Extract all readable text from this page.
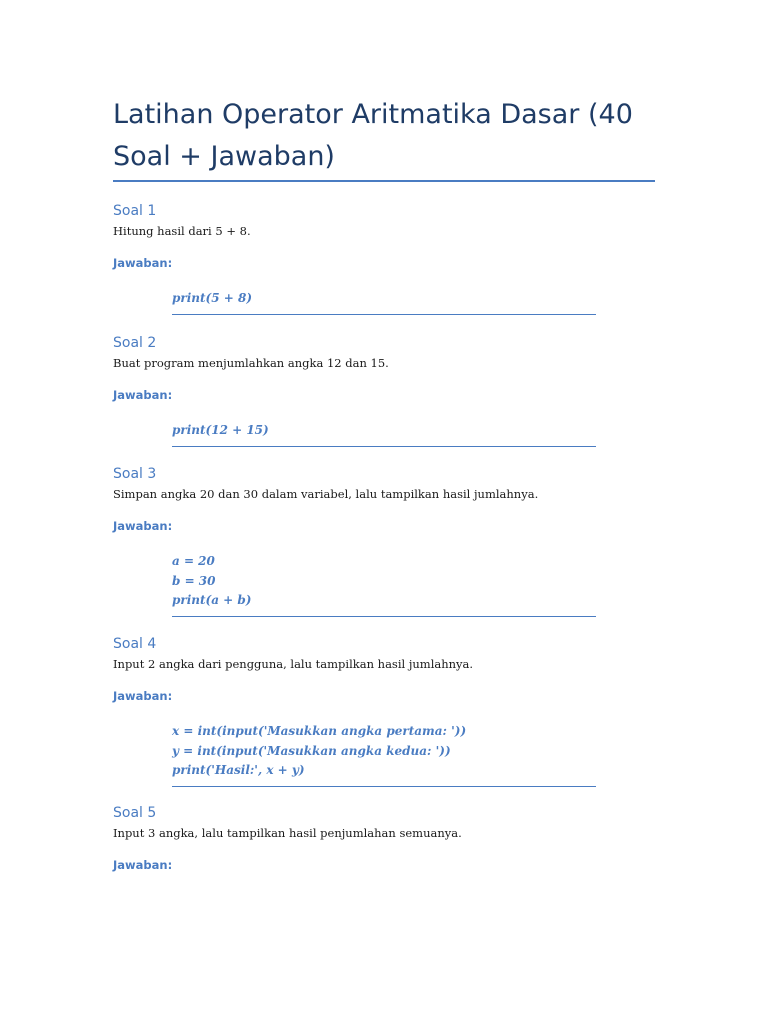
Latihan Operator Aritmatika Dasar (40 Soal + Jawaban)
Soal 1
Hitung hasil dari 5 + 8.
Jawaban:
print(5 + 8)
Soal 2
Buat program menjumlahkan angka 12 dan 15.
Jawaban:
print(12 + 15)
Soal 3
Simpan angka 20 dan 30 dalam variabel, lalu tampilkan hasil jumlahnya.
Jawaban:
a = 20
b = 30
print(a + b)
Soal 4
Input 2 angka dari pengguna, lalu tampilkan hasil jumlahnya.
Jawaban:
x = int(input('Masukkan angka pertama: '))
y = int(input('Masukkan angka kedua: '))
print('Hasil:', x + y)
Soal 5
Input 3 angka, lalu tampilkan hasil penjumlahan semuanya.
Jawaban:
